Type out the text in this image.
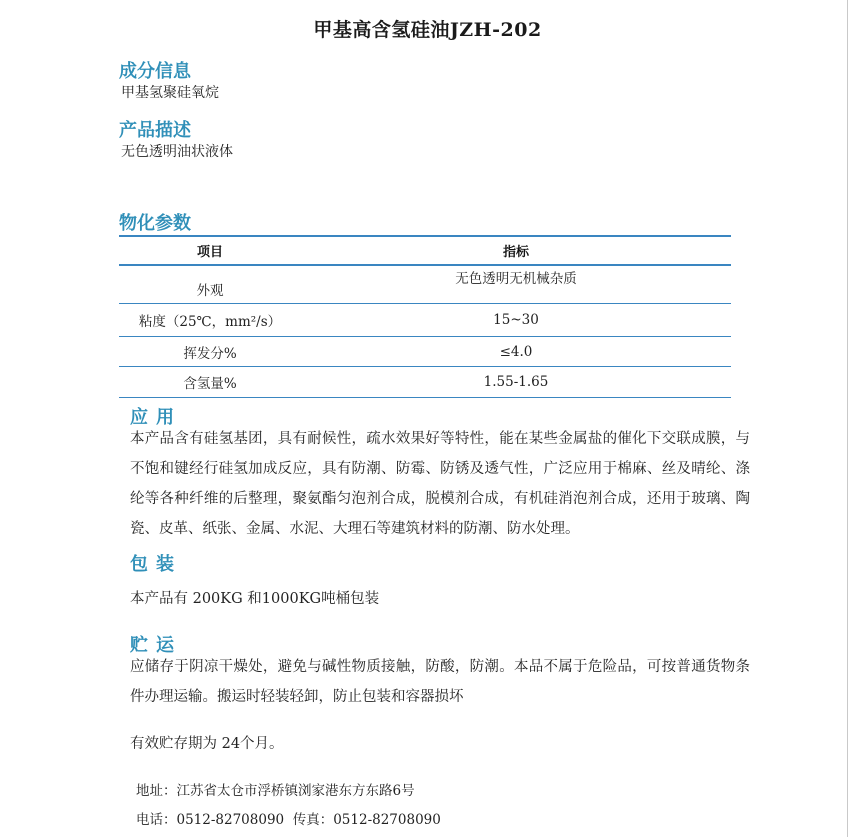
甲基高含氢硅油JZH-202
成分信息
甲基氢聚硅氧烷
产品描述
无色透明油状液体
物化参数
项目	指标
外观	无色透明无机械杂质
粘度（25℃，mm²/s）	15~30
挥发分%	≤4.0
含氢量%	1.55-1.65
应用
本产品含有硅氢基团，具有耐候性，疏水效果好等特性，能在某些金属盐的催化下交联成膜，与不饱和键经行硅氢加成反应，具有防潮、防霉、防锈及透气性，广泛应用于棉麻、丝及晴纶、涤纶等各种纤维的后整理，聚氨酯匀泡剂合成，脱模剂合成，有机硅消泡剂合成，还用于玻璃、陶瓷、皮革、纸张、金属、水泥、大理石等建筑材料的防潮、防水处理。
包装
本产品有 200KG 和1000KG吨桶包装
贮运
应储存于阴凉干燥处，避免与碱性物质接触，防酸，防潮。本品不属于危险品，可按普通货物条件办理运输。搬运时轻装轻卸，防止包装和容器损坏
有效贮存期为 24个月。
地址：江苏省太仓市浮桥镇浏家港东方东路6号
电话：0512-82708090  传真：0512-82708090
